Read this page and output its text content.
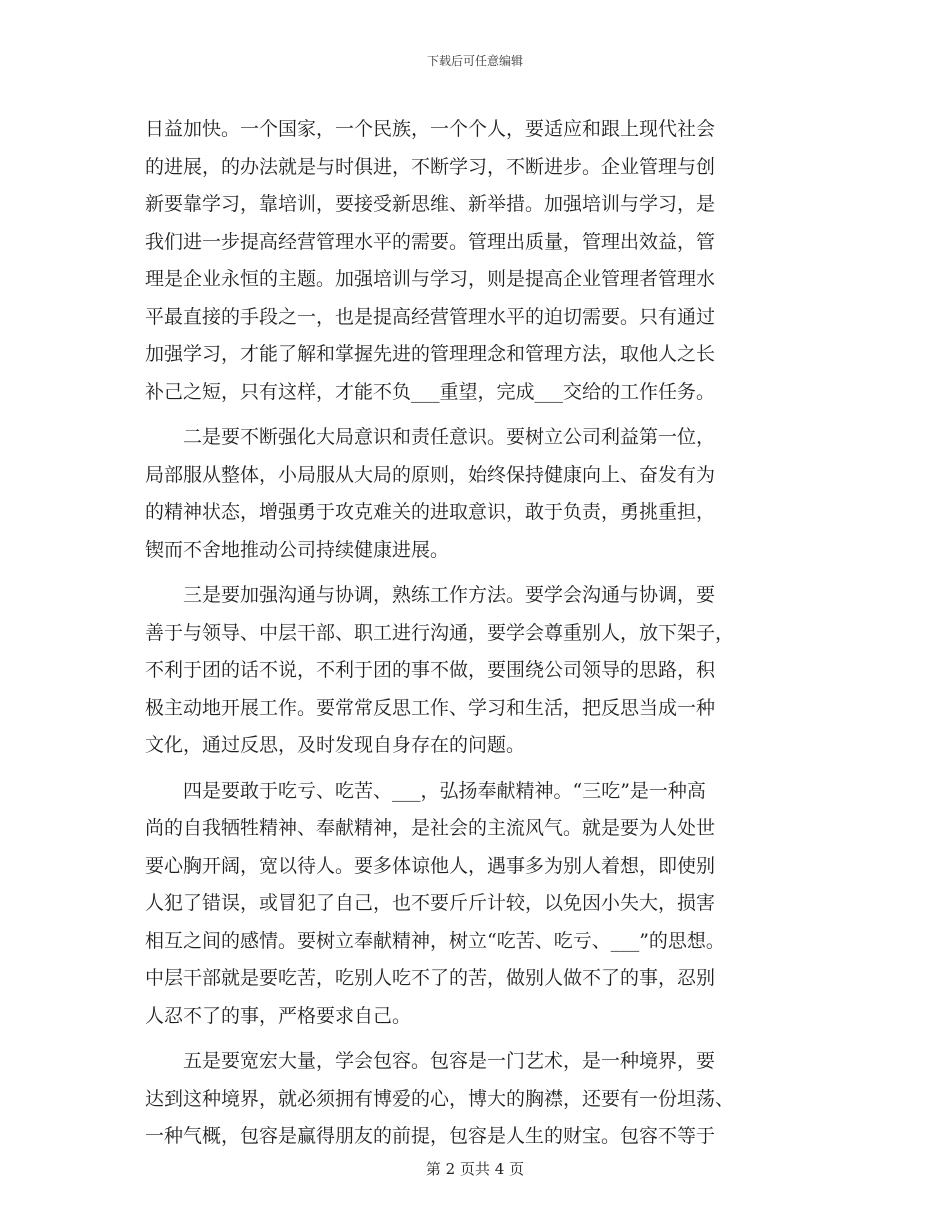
下载后可任意编辑
日益加快。一个国家，一个民族，一个个人，要适应和跟上现代社会
的进展，的办法就是与时俱进，不断学习，不断进步。企业管理与创
新要靠学习，靠培训，要接受新思维、新举措。加强培训与学习，是
我们进一步提高经营管理水平的需要。管理出质量，管理出效益，管
理是企业永恒的主题。加强培训与学习，则是提高企业管理者管理水
平最直接的手段之一，也是提高经营管理水平的迫切需要。只有通过
加强学习，才能了解和掌握先进的管理理念和管理方法，取他人之长
补己之短，只有这样，才能不负___重望，完成___交给的工作任务。
　　二是要不断强化大局意识和责任意识。要树立公司利益第一位，
局部服从整体，小局服从大局的原则，始终保持健康向上、奋发有为
的精神状态，增强勇于攻克难关的进取意识，敢于负责，勇挑重担，
锲而不舍地推动公司持续健康进展。
　　三是要加强沟通与协调，熟练工作方法。要学会沟通与协调，要
善于与领导、中层干部、职工进行沟通，要学会尊重别人，放下架子，
不利于团的话不说，不利于团的事不做，要围绕公司领导的思路，积
极主动地开展工作。要常常反思工作、学习和生活，把反思当成一种
文化，通过反思，及时发现自身存在的问题。
　　四是要敢于吃亏、吃苦、___，弘扬奉献精神。“三吃”是一种高
尚的自我牺牲精神、奉献精神，是社会的主流风气。就是要为人处世
要心胸开阔，宽以待人。要多体谅他人，遇事多为别人着想，即使别
人犯了错误，或冒犯了自己，也不要斤斤计较，以免因小失大，损害
相互之间的感情。要树立奉献精神，树立“吃苦、吃亏、___”的思想。
中层干部就是要吃苦，吃别人吃不了的苦，做别人做不了的事，忍别
人忍不了的事，严格要求自己。
　　五是要宽宏大量，学会包容。包容是一门艺术，是一种境界，要
达到这种境界，就必须拥有博爱的心，博大的胸襟，还要有一份坦荡、
一种气概，包容是赢得朋友的前提，包容是人生的财宝。包容不等于
第 2 页共 4 页
